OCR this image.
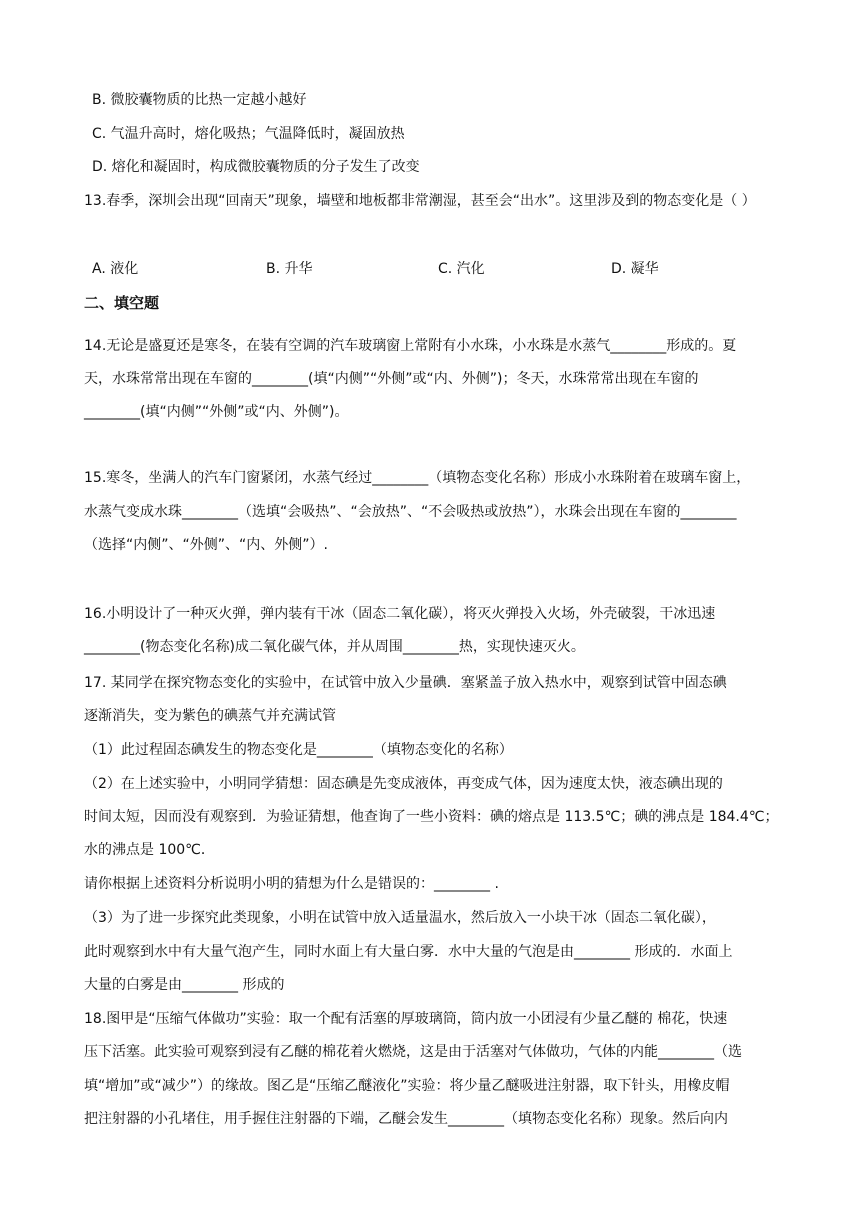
B. 微胶囊物质的比热一定越小越好
C. 气温升高时，熔化吸热；气温降低时，凝固放热
D. 熔化和凝固时，构成微胶囊物质的分子发生了改变
13.春季，深圳会出现“回南天”现象，墙壁和地板都非常潮湿，甚至会“出水”。这里涉及到的物态变化是（ ）
A. 液化	B. 升华	C. 汽化	D. 凝华
二、填空题
14.无论是盛夏还是寒冬，在装有空调的汽车玻璃窗上常附有小水珠，小水珠是水蒸气________形成的。夏
天，水珠常常出现在车窗的________(填“内侧”“外侧”或“内、外侧”)；冬天，水珠常常出现在车窗的
________(填“内侧”“外侧”或“内、外侧”)。
15.寒冬，坐满人的汽车门窗紧闭，水蒸气经过________（填物态变化名称）形成小水珠附着在玻璃车窗上，
水蒸气变成水珠________（选填“会吸热”、“会放热”、“不会吸热或放热”），水珠会出现在车窗的________
（选择“内侧”、“外侧”、“内、外侧”）.
16.小明设计了一种灭火弹，弹内装有干冰（固态二氧化碳），将灭火弹投入火场，外壳破裂，干冰迅速
________(物态变化名称)成二氧化碳气体，并从周围________热，实现快速灭火。
17. 某同学在探究物态变化的实验中，在试管中放入少量碘．塞紧盖子放入热水中，观察到试管中固态碘
逐渐消失，变为紫色的碘蒸气并充满试管
（1）此过程固态碘发生的物态变化是________（填物态变化的名称）
（2）在上述实验中，小明同学猜想：固态碘是先变成液体，再变成气体，因为速度太快，液态碘出现的
时间太短，因而没有观察到．为验证猜想，他查询了一些小资料：碘的熔点是 113.5℃；碘的沸点是 184.4℃；
水的沸点是 100℃．
请你根据上述资料分析说明小明的猜想为什么是错误的：________ .
（3）为了进一步探究此类现象，小明在试管中放入适量温水，然后放入一小块干冰（固态二氧化碳），
此时观察到水中有大量气泡产生，同时水面上有大量白雾．水中大量的气泡是由________ 形成的．水面上
大量的白雾是由________ 形成的
18.图甲是“压缩气体做功”实验：取一个配有活塞的厚玻璃筒，筒内放一小团浸有少量乙醚的 棉花，快速
压下活塞。此实验可观察到浸有乙醚的棉花着火燃烧，这是由于活塞对气体做功，气体的内能________（选
填“增加”或“减少”）的缘故。图乙是“压缩乙醚液化”实验：将少量乙醚吸进注射器，取下针头，用橡皮帽
把注射器的小孔堵住，用手握住注射器的下端，乙醚会发生________（填物态变化名称）现象。然后向内
